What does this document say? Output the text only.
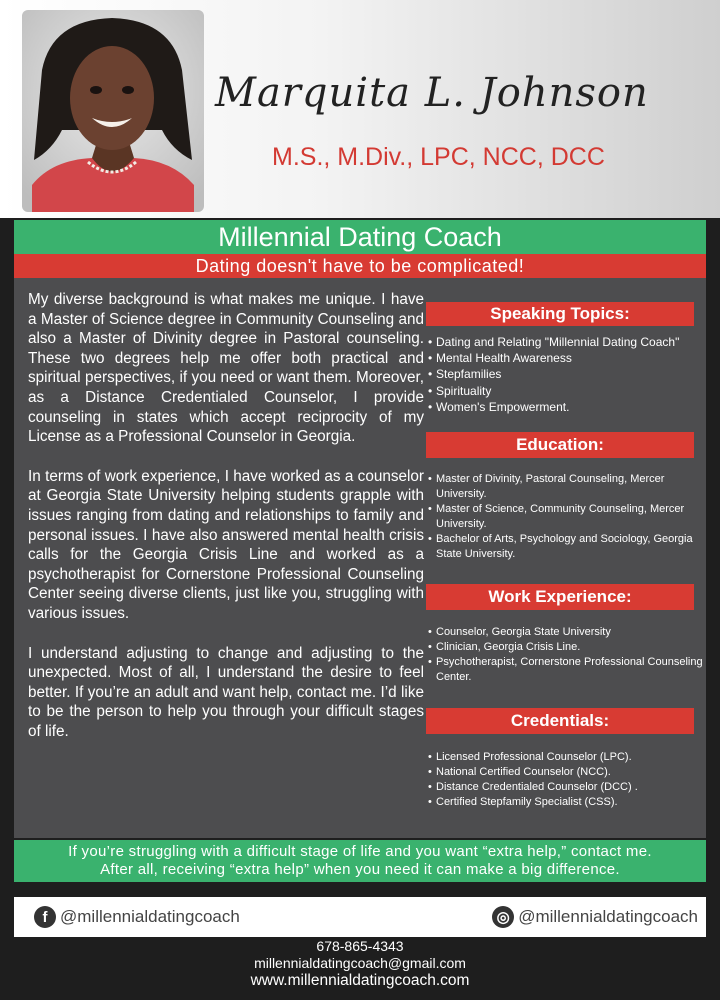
Marquita L. Johnson
M.S., M.Div., LPC, NCC, DCC
Millennial Dating Coach
Dating doesn't have to be complicated!

My diverse background is what makes me unique. I have a Master of Science degree in Community Counseling and also a Master of Divinity degree in Pastoral counseling. These two degrees help me offer both practical and spiritual perspectives, if you need or want them. Moreover, as a Distance Credentialed Counselor, I provide counseling in states which accept reciprocity of my License as a Professional Counselor in Georgia.

In terms of work experience, I have worked as a counselor at Georgia State University helping students grapple with issues ranging from dating and relationships to family and personal issues. I have also answered mental health crisis calls for the Georgia Crisis Line and worked as a psychotherapist for Cornerstone Professional Counseling Center seeing diverse clients, just like you, struggling with various issues.

I understand adjusting to change and adjusting to the unexpected. Most of all, I understand the desire to feel better. If you’re an adult and want help, contact me. I’d like to be the person to help you through your difficult stages of life.

Speaking Topics:
• Dating and Relating "Millennial Dating Coach"
• Mental Health Awareness
• Stepfamilies
• Spirituality
• Women's Empowerment.
Education:
• Master of Divinity, Pastoral Counseling, Mercer University.
• Master of Science, Community Counseling, Mercer University.
• Bachelor of Arts, Psychology and Sociology, Georgia State University.
Work Experience:
• Counselor, Georgia State University
• Clinician, Georgia Crisis Line.
• Psychotherapist, Cornerstone Professional Counseling Center.
Credentials:
• Licensed Professional Counselor (LPC).
• National Certified Counselor (NCC).
• Distance Credentialed Counselor (DCC) .
• Certified Stepfamily Specialist (CSS).
If you’re struggling with a difficult stage of life and you want “extra help,” contact me.
After all, receiving “extra help” when you need it can make a big difference.
f @millennialdatingcoach	◎ @millennialdatingcoach
678-865-4343
millennialdatingcoach@gmail.com
www.millennialdatingcoach.com
